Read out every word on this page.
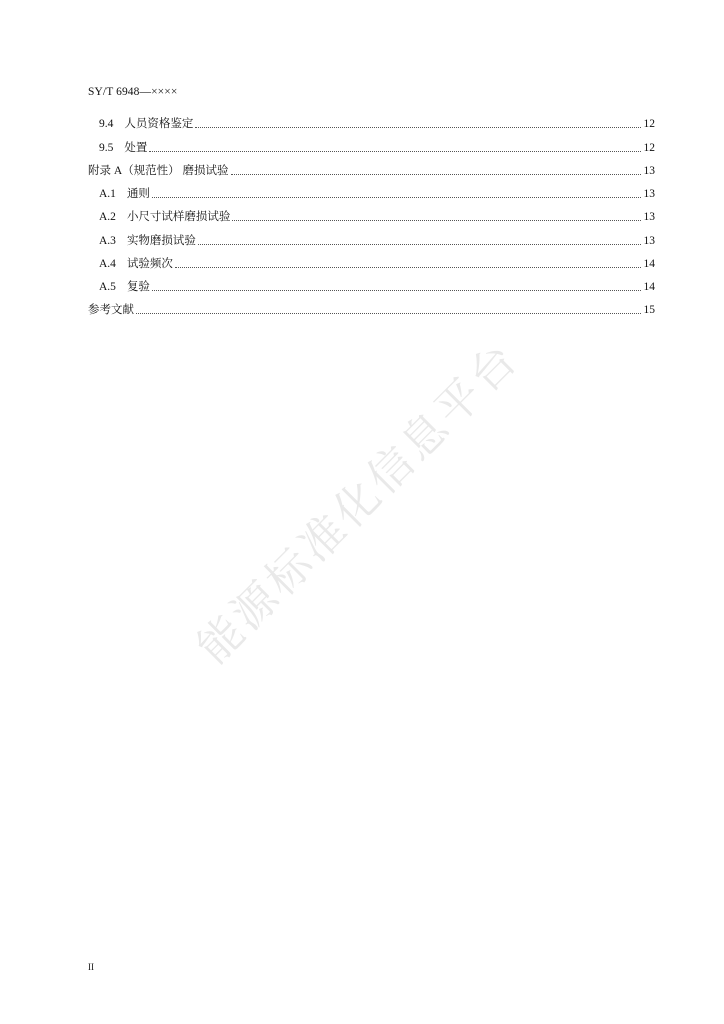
SY/T 6948—××××
9.4 人员资格鉴定	12
9.5 处置	12
附录 A （规范性） 磨损试验	13
A.1 通则	13
A.2 小尺寸试样磨损试验	13
A.3 实物磨损试验	13
A.4 试验频次	14
A.5 复验	14
参考文献	15
能源标准化信息平台
II
